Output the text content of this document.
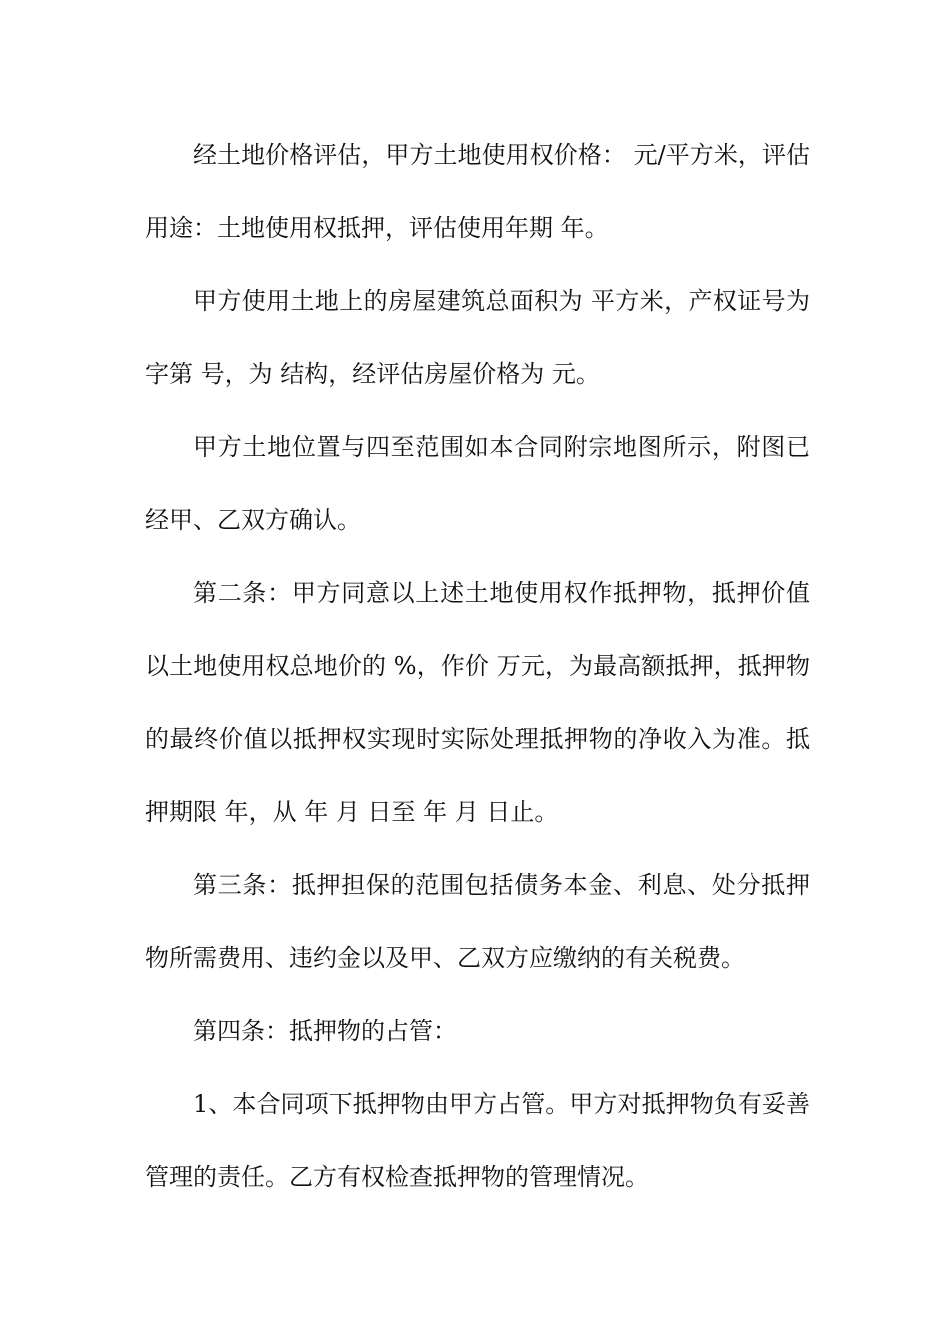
经土地价格评估，甲方土地使用权价格： 元/平方米，评估用途：土地使用权抵押，评估使用年期 年。

甲方使用土地上的房屋建筑总面积为 平方米，产权证号为 字第 号，为 结构，经评估房屋价格为 元。

甲方土地位置与四至范围如本合同附宗地图所示，附图已经甲、乙双方确认。

第二条：甲方同意以上述土地使用权作抵押物，抵押价值以土地使用权总地价的 %，作价 万元，为最高额抵押，抵押物的最终价值以抵押权实现时实际处理抵押物的净收入为准。抵押期限 年，从 年 月 日至 年 月 日止。

第三条：抵押担保的范围包括债务本金、利息、处分抵押物所需费用、违约金以及甲、乙双方应缴纳的有关税费。

第四条：抵押物的占管：

1、本合同项下抵押物由甲方占管。甲方对抵押物负有妥善管理的责任。乙方有权检查抵押物的管理情况。
